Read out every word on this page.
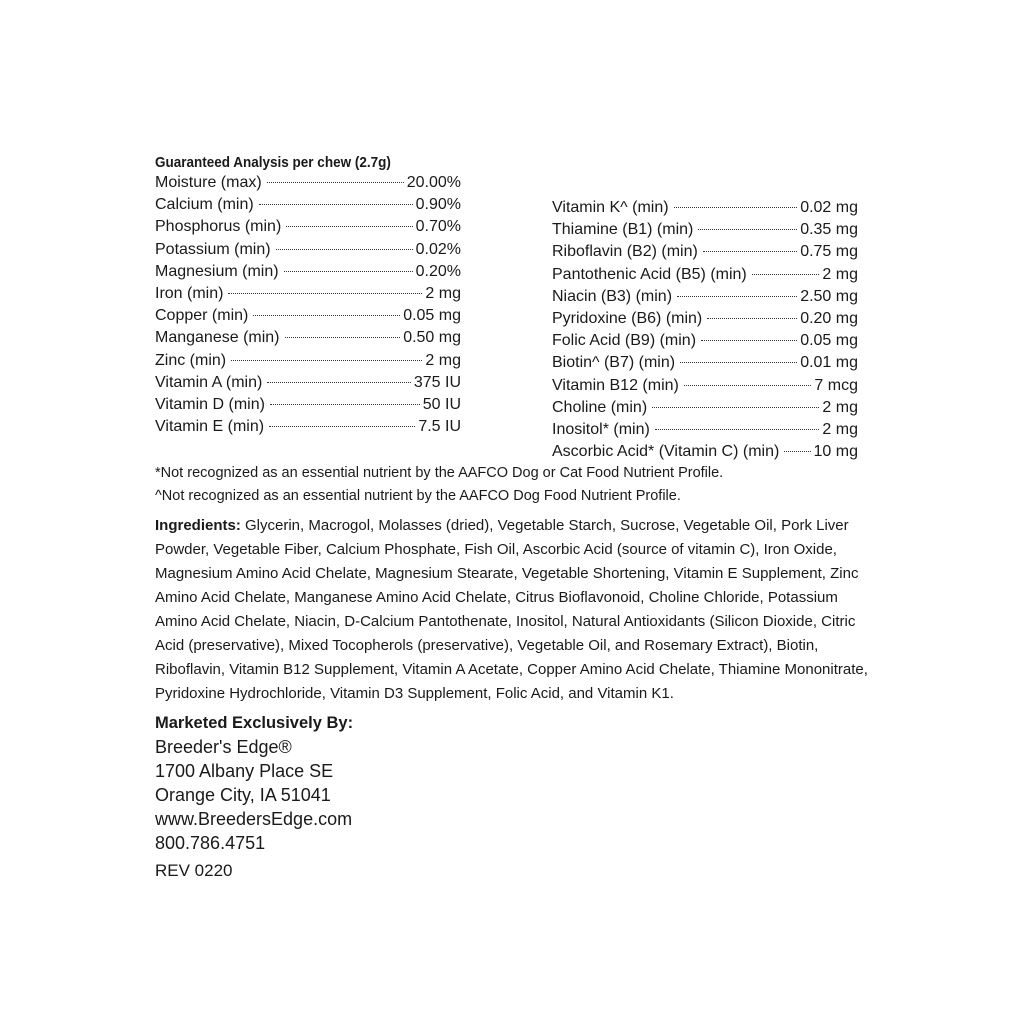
Guaranteed Analysis per chew (2.7g)
Moisture (max)	20.00%
Calcium (min)	0.90%
Phosphorus (min)	0.70%
Potassium (min)	0.02%
Magnesium (min)	0.20%
Iron (min)	2 mg
Copper (min)	0.05 mg
Manganese (min)	0.50 mg
Zinc (min)	2 mg
Vitamin A (min)	375 IU
Vitamin D (min)	50 IU
Vitamin E (min)	7.5 IU
Vitamin K^ (min)	0.02 mg
Thiamine (B1) (min)	0.35 mg
Riboflavin (B2) (min)	0.75 mg
Pantothenic Acid (B5) (min)	2 mg
Niacin (B3) (min)	2.50 mg
Pyridoxine (B6) (min)	0.20 mg
Folic Acid (B9) (min)	0.05 mg
Biotin^ (B7) (min)	0.01 mg
Vitamin B12 (min)	7 mcg
Choline (min)	2 mg
Inositol* (min)	2 mg
Ascorbic Acid* (Vitamin C) (min) 10 mg
*Not recognized as an essential nutrient by the AAFCO Dog or Cat Food Nutrient Profile.
^Not recognized as an essential nutrient by the AAFCO Dog Food Nutrient Profile.
Ingredients: Glycerin, Macrogol, Molasses (dried), Vegetable Starch, Sucrose, Vegetable Oil, Pork Liver Powder, Vegetable Fiber, Calcium Phosphate, Fish Oil, Ascorbic Acid (source of vitamin C), Iron Oxide, Magnesium Amino Acid Chelate, Magnesium Stearate, Vegetable Shortening, Vitamin E Supplement, Zinc Amino Acid Chelate, Manganese Amino Acid Chelate, Citrus Bioflavonoid, Choline Chloride, Potassium Amino Acid Chelate, Niacin, D-Calcium Pantothenate, Inositol, Natural Antioxidants (Silicon Dioxide, Citric Acid (preservative), Mixed Tocopherols (preservative), Vegetable Oil, and Rosemary Extract), Biotin, Riboflavin, Vitamin B12 Supplement, Vitamin A Acetate, Copper Amino Acid Chelate, Thiamine Mononitrate, Pyridoxine Hydrochloride, Vitamin D3 Supplement, Folic Acid, and Vitamin K1.
Marketed Exclusively By:
Breeder's Edge®
1700 Albany Place SE
Orange City, IA 51041
www.BreedersEdge.com
800.786.4751
REV 0220
